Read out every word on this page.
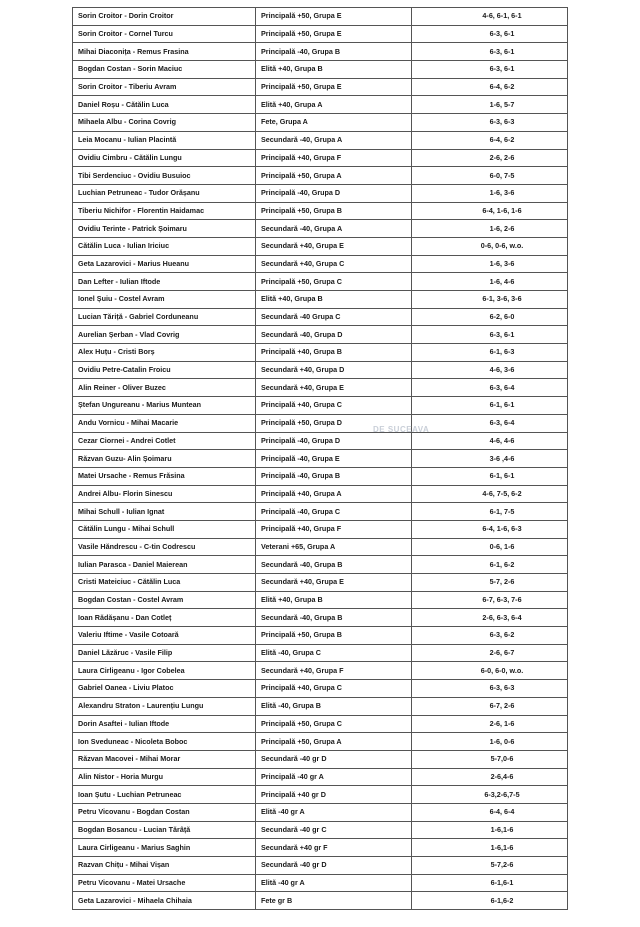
Sorin Croitor - Dorin Croitor	Principală +50, Grupa E	4-6, 6-1, 6-1
Sorin Croitor - Cornel Turcu	Principală +50, Grupa E	6-3, 6-1
Mihai Diaconița - Remus Frasina	Principală -40, Grupa B	6-3, 6-1
Bogdan Costan - Sorin Maciuc	Elită +40, Grupa B	6-3, 6-1
Sorin Croitor - Tiberiu Avram	Principală +50, Grupa E	6-4, 6-2
Daniel Roșu - Cătălin Luca	Elită +40, Grupa A	1-6, 5-7
Mihaela Albu - Corina Covrig	Fete, Grupa A	6-3, 6-3
Leia Mocanu - Iulian Placintă	Secundară -40, Grupa A	6-4, 6-2
Ovidiu Cimbru - Cătălin Lungu	Principală +40, Grupa F	2-6, 2-6
Tibi Serdenciuc - Ovidiu Busuioc	Principală +50, Grupa A	6-0, 7-5
Luchian Petruneac - Tudor Orășanu	Principală -40, Grupa D	1-6, 3-6
Tiberiu Nichifor - Florentin Haidamac	Principală +50, Grupa B	6-4, 1-6, 1-6
Ovidiu Terinte - Patrick Șoimaru	Secundară -40, Grupa A	1-6, 2-6
Cătălin Luca - Iulian Iriciuc	Secundară +40, Grupa E	0-6, 0-6, w.o.
Geta Lazarovici - Marius Hueanu	Secundară +40, Grupa C	1-6, 3-6
Dan Lefter - Iulian Iftode	Principală +50, Grupa C	1-6, 4-6
Ionel Șuiu - Costel Avram	Elită +40, Grupa B	6-1, 3-6, 3-6
Lucian Tăriță - Gabriel Corduneanu	Secundară -40 Grupa C	6-2, 6-0
Aurelian Șerban - Vlad Covrig	Secundară -40, Grupa D	6-3, 6-1
Alex Huțu - Cristi Borș	Principală +40, Grupa B	6-1, 6-3
Ovidiu Petre-Catalin Froicu	Secundară +40, Grupa D	4-6, 3-6
Alin Reiner - Oliver Buzec	Secundară +40, Grupa E	6-3, 6-4
Ștefan Ungureanu - Marius Muntean	Principală +40, Grupa C	6-1, 6-1
Andu Vornicu - Mihai Macarie	Principală +50, Grupa D	6-3, 6-4
Cezar Ciornei - Andrei Cotlet	Principală -40, Grupa D	4-6, 4-6
Răzvan Guzu- Alin Șoimaru	Principală -40, Grupa E	3-6 ,4-6
Matei Ursache - Remus Frăsina	Principală -40, Grupa B	6-1, 6-1
Andrei Albu- Florin Sinescu	Principală +40, Grupa A	4-6, 7-5, 6-2
Mihai Schull - Iulian Ignat	Principală -40, Grupa C	6-1, 7-5
Cătălin Lungu - Mihai Schull	Principală +40, Grupa F	6-4, 1-6, 6-3
Vasile Hăndrescu - C-tin Codrescu	Veterani +65, Grupa A	0-6, 1-6
Iulian Parasca - Daniel Maierean	Secundară -40, Grupa B	6-1, 6-2
Cristi Mateiciuc - Cătălin Luca	Secundară +40, Grupa E	5-7, 2-6
Bogdan Costan - Costel Avram	Elită +40, Grupa B	6-7, 6-3, 7-6
Ioan Rădășanu - Dan Cotleț	Secundară -40, Grupa B	2-6, 6-3, 6-4
Valeriu Iftime - Vasile Cotoară	Principală +50, Grupa B	6-3, 6-2
Daniel Lăzăruc - Vasile Filip	Elită -40, Grupa C	2-6, 6-7
Laura Cirligeanu - Igor Cobelea	Secundară +40, Grupa F	6-0, 6-0, w.o.
Gabriel Oanea - Liviu Platoc	Principală +40, Grupa C	6-3, 6-3
Alexandru Straton - Laurențiu Lungu	Elită -40, Grupa B	6-7, 2-6
Dorin Asaftei - Iulian Iftode	Principală +50, Grupa C	2-6, 1-6
Ion Sveduneac - Nicoleta Boboc	Principală +50, Grupa A	1-6, 0-6
Răzvan Macovei - Mihai Morar	Secundară -40 gr D	5-7,0-6
Alin Nistor - Horia Murgu	Principală -40 gr A	2-6,4-6
Ioan Șutu - Luchian Petruneac	Principală +40 gr D	6-3,2-6,7-5
Petru Vicovanu - Bogdan Costan	Elită -40 gr A	6-4, 6-4
Bogdan Bosancu - Lucian Tărâță	Secundară -40 gr C	1-6,1-6
Laura Cirligeanu - Marius Saghin	Secundară +40 gr F	1-6,1-6
Razvan Chițu - Mihai Vișan	Secundară -40 gr D	5-7,2-6
Petru Vicovanu - Matei Ursache	Elită -40 gr A	6-1,6-1
Geta Lazarovici - Mihaela Chihaia	Fete gr B	6-1,6-2
DE SUCEAVA
